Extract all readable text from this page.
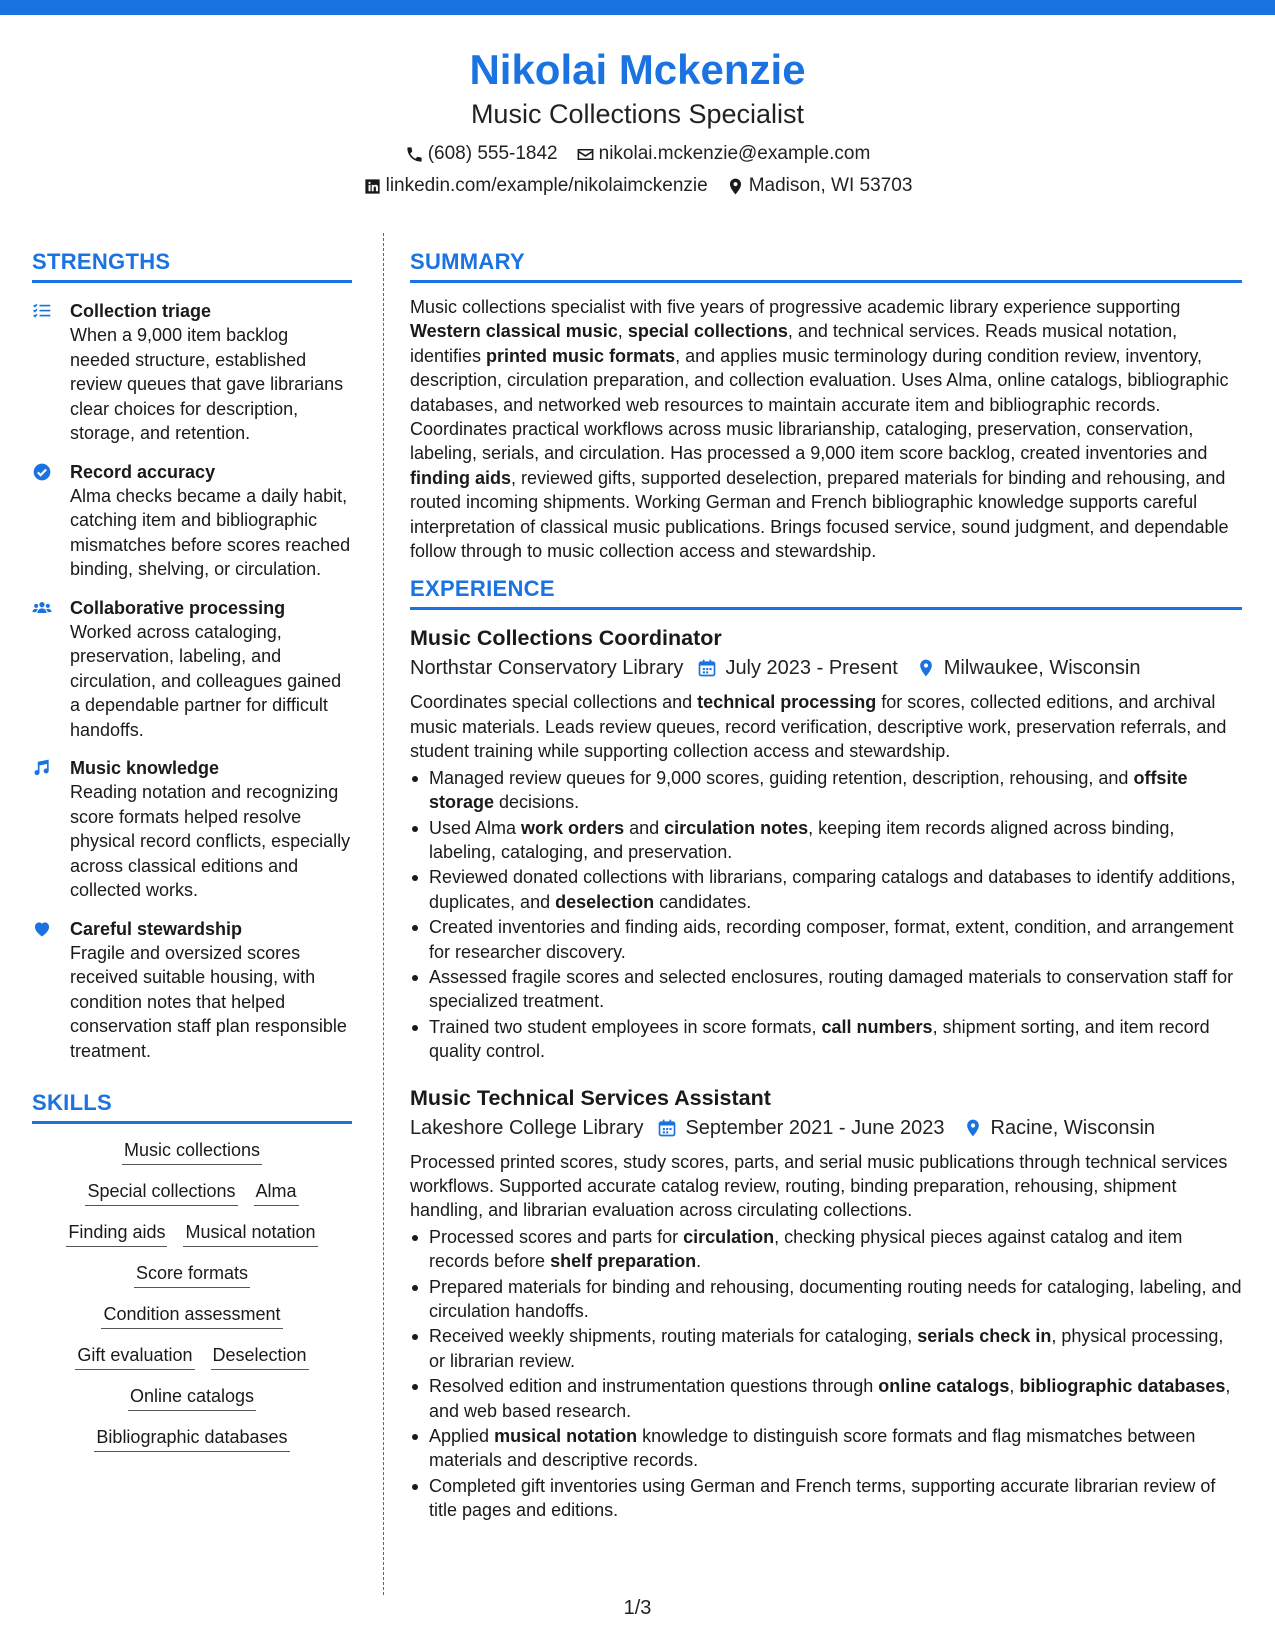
Nikolai Mckenzie
Music Collections Specialist
(608) 555-1842 nikolai.mckenzie@example.com
linkedin.com/example/nikolaimckenzie Madison, WI 53703
STRENGTHS
Collection triage
When a 9,000 item backlog needed structure, established review queues that gave librarians clear choices for description, storage, and retention.
Record accuracy
Alma checks became a daily habit, catching item and bibliographic mismatches before scores reached binding, shelving, or circulation.
Collaborative processing
Worked across cataloging, preservation, labeling, and circulation, and colleagues gained a dependable partner for difficult handoffs.
Music knowledge
Reading notation and recognizing score formats helped resolve physical record conflicts, especially across classical editions and collected works.
Careful stewardship
Fragile and oversized scores received suitable housing, with condition notes that helped conservation staff plan responsible treatment.
SKILLS
Music collections
Special collections Alma
Finding aids Musical notation
Score formats
Condition assessment
Gift evaluation Deselection
Online catalogs
Bibliographic databases
SUMMARY

Music collections specialist with five years of progressive academic library experience supporting Western classical music, special collections, and technical services. Reads musical notation, identifies printed music formats, and applies music terminology during condition review, inventory, description, circulation preparation, and collection evaluation. Uses Alma, online catalogs, bibliographic databases, and networked web resources to maintain accurate item and bibliographic records. Coordinates practical workflows across music librarianship, cataloging, preservation, conservation, labeling, serials, and circulation. Has processed a 9,000 item score backlog, created inventories and finding aids, reviewed gifts, supported deselection, prepared materials for binding and rehousing, and routed incoming shipments. Working German and French bibliographic knowledge supports careful interpretation of classical music publications. Brings focused service, sound judgment, and dependable follow through to music collection access and stewardship.

EXPERIENCE
Music Collections Coordinator
Northstar Conservatory Library July 2023 - Present Milwaukee, Wisconsin

Coordinates special collections and technical processing for scores, collected editions, and archival music materials. Leads review queues, record verification, descriptive work, preservation referrals, and student training while supporting collection access and stewardship.

Managed review queues for 9,000 scores, guiding retention, description, rehousing, and offsite storage decisions.
Used Alma work orders and circulation notes, keeping item records aligned across binding, labeling, cataloging, and preservation.
Reviewed donated collections with librarians, comparing catalogs and databases to identify additions, duplicates, and deselection candidates.
Created inventories and finding aids, recording composer, format, extent, condition, and arrangement for researcher discovery.
Assessed fragile scores and selected enclosures, routing damaged materials to conservation staff for specialized treatment.
Trained two student employees in score formats, call numbers, shipment sorting, and item record quality control.
Music Technical Services Assistant
Lakeshore College Library September 2021 - June 2023 Racine, Wisconsin

Processed printed scores, study scores, parts, and serial music publications through technical services workflows. Supported accurate catalog review, routing, binding preparation, rehousing, shipment handling, and librarian evaluation across circulating collections.

Processed scores and parts for circulation, checking physical pieces against catalog and item records before shelf preparation.
Prepared materials for binding and rehousing, documenting routing needs for cataloging, labeling, and circulation handoffs.
Received weekly shipments, routing materials for cataloging, serials check in, physical processing, or librarian review.
Resolved edition and instrumentation questions through online catalogs, bibliographic databases, and web based research.
Applied musical notation knowledge to distinguish score formats and flag mismatches between materials and descriptive records.
Completed gift inventories using German and French terms, supporting accurate librarian review of title pages and editions.
1/3
